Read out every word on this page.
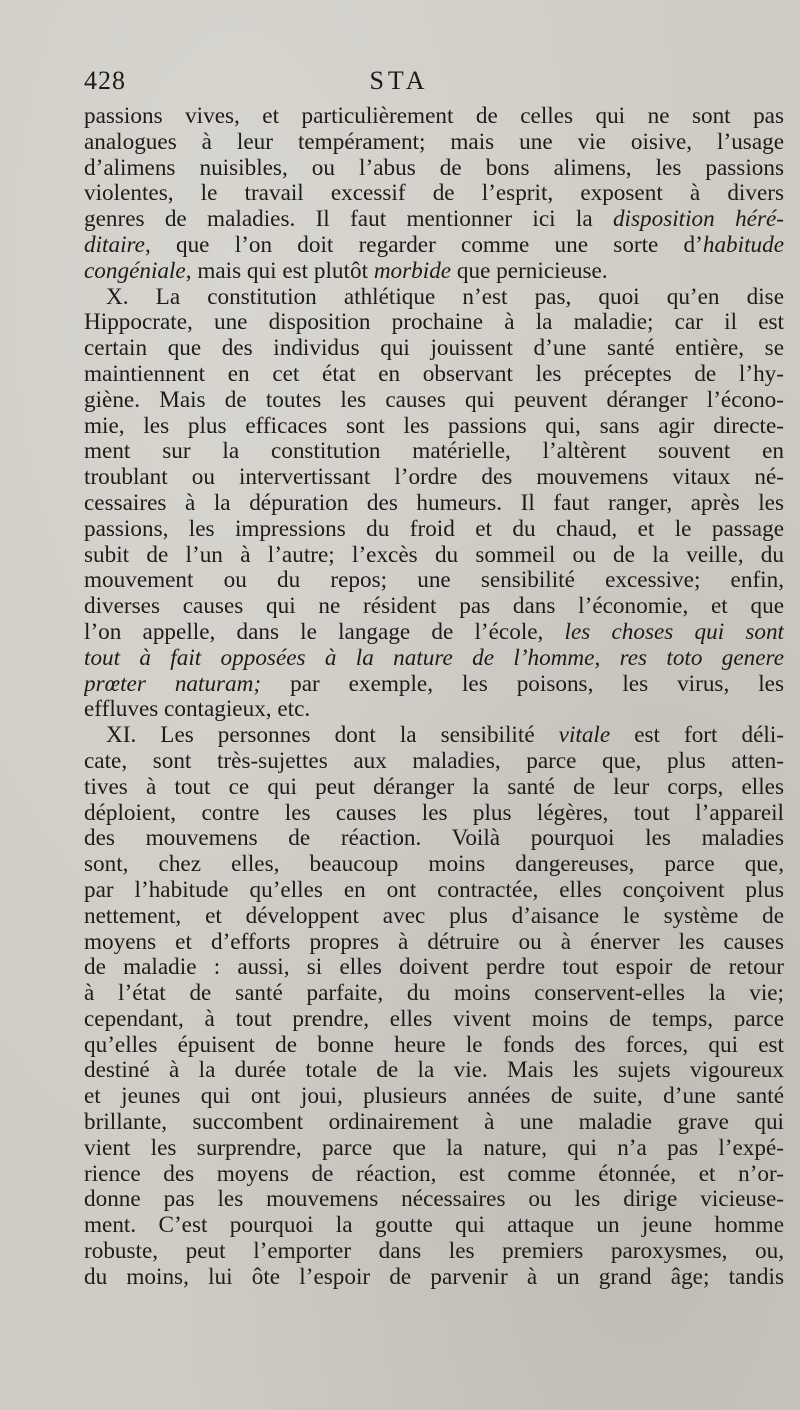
428	STA
passions vives, et particulièrement de celles qui ne sont pas
analogues à leur tempérament; mais une vie oisive, l’usage
d’alimens nuisibles, ou l’abus de bons alimens, les passions
violentes, le travail excessif de l’esprit, exposent à divers
genres de maladies. Il faut mentionner ici la disposition héré-
ditaire, que l’on doit regarder comme une sorte d’habitude
congéniale, mais qui est plutôt morbide que pernicieuse.
X. La constitution athlétique n’est pas, quoi qu’en dise
Hippocrate, une disposition prochaine à la maladie; car il est
certain que des individus qui jouissent d’une santé entière, se
maintiennent en cet état en observant les préceptes de l’hy-
giène. Mais de toutes les causes qui peuvent déranger l’écono-
mie, les plus efficaces sont les passions qui, sans agir directe-
ment sur la constitution matérielle, l’altèrent souvent en
troublant ou intervertissant l’ordre des mouvemens vitaux né-
cessaires à la dépuration des humeurs. Il faut ranger, après les
passions, les impressions du froid et du chaud, et le passage
subit de l’un à l’autre; l’excès du sommeil ou de la veille, du
mouvement ou du repos; une sensibilité excessive; enfin,
diverses causes qui ne résident pas dans l’économie, et que
l’on appelle, dans le langage de l’école, les choses qui sont
tout à fait opposées à la nature de l’homme, res toto genere
prœter naturam; par exemple, les poisons, les virus, les
effluves contagieux, etc.
XI. Les personnes dont la sensibilité vitale est fort déli-
cate, sont très-sujettes aux maladies, parce que, plus atten-
tives à tout ce qui peut déranger la santé de leur corps, elles
déploient, contre les causes les plus légères, tout l’appareil
des mouvemens de réaction. Voilà pourquoi les maladies
sont, chez elles, beaucoup moins dangereuses, parce que,
par l’habitude qu’elles en ont contractée, elles conçoivent plus
nettement, et développent avec plus d’aisance le système de
moyens et d’efforts propres à détruire ou à énerver les causes
de maladie : aussi, si elles doivent perdre tout espoir de retour
à l’état de santé parfaite, du moins conservent-elles la vie;
cependant, à tout prendre, elles vivent moins de temps, parce
qu’elles épuisent de bonne heure le fonds des forces, qui est
destiné à la durée totale de la vie. Mais les sujets vigoureux
et jeunes qui ont joui, plusieurs années de suite, d’une santé
brillante, succombent ordinairement à une maladie grave qui
vient les surprendre, parce que la nature, qui n’a pas l’expé-
rience des moyens de réaction, est comme étonnée, et n’or-
donne pas les mouvemens nécessaires ou les dirige vicieuse-
ment. C’est pourquoi la goutte qui attaque un jeune homme
robuste, peut l’emporter dans les premiers paroxysmes, ou,
du moins, lui ôte l’espoir de parvenir à un grand âge; tandis
